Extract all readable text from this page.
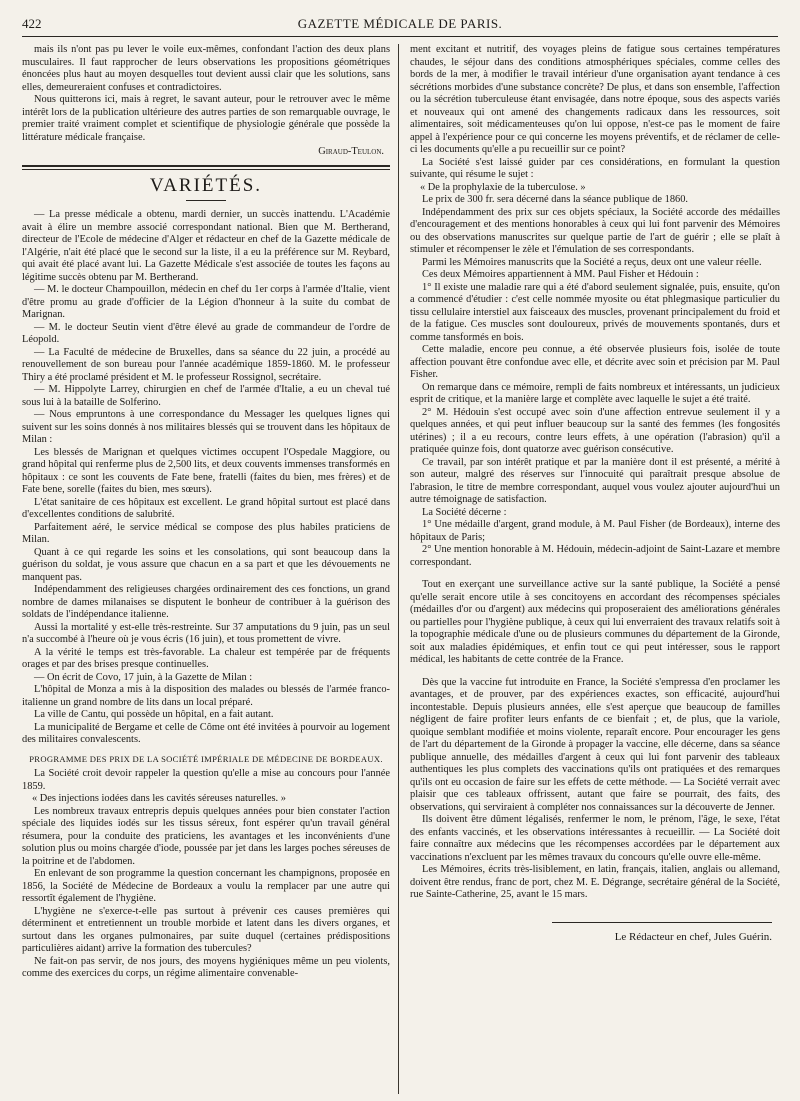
422	GAZETTE MÉDICALE DE PARIS.

mais ils n'ont pas pu lever le voile eux-mêmes, confondant l'action des deux plans musculaires. Il faut rapprocher de leurs observations les propositions géométriques énoncées plus haut au moyen desquelles tout devient aussi clair que les solutions, sans elles, demeureraient confuses et contradictoires.

Nous quitterons ici, mais à regret, le savant auteur, pour le retrouver avec le même intérêt lors de la publication ultérieure des autres parties de son remarquable ouvrage, le premier traité vraiment complet et scientifique de physiologie générale que possède la littérature médicale française.

Giraud-Teulon.
VARIÉTÉS.

— La presse médicale a obtenu, mardi dernier, un succès inattendu. L'Académie avait à élire un membre associé correspondant national. Bien que M. Bertherand, directeur de l'Ecole de médecine d'Alger et rédacteur en chef de la Gazette médicale de l'Algérie, n'ait été placé que le second sur la liste, il a eu la préférence sur M. Reybard, qui avait été placé avant lui. La Gazette Médicale s'est associée de toutes les façons au légitime succès obtenu par M. Bertherand.

— M. le docteur Champouillon, médecin en chef du 1er corps à l'armée d'Italie, vient d'être promu au grade d'officier de la Légion d'honneur à la suite du combat de Marignan.

— M. le docteur Seutin vient d'être élevé au grade de commandeur de l'ordre de Léopold.

— La Faculté de médecine de Bruxelles, dans sa séance du 22 juin, a procédé au renouvellement de son bureau pour l'année académique 1859-1860. M. le professeur Thiry a été proclamé président et M. le professeur Rossignol, secrétaire.

— M. Hippolyte Larrey, chirurgien en chef de l'armée d'Italie, a eu un cheval tué sous lui à la bataille de Solferino.

— Nous empruntons à une correspondance du Messager les quelques lignes qui suivent sur les soins donnés à nos militaires blessés qui se trouvent dans les hôpitaux de Milan :

Les blessés de Marignan et quelques victimes occupent l'Ospedale Maggiore, ou grand hôpital qui renferme plus de 2,500 lits, et deux couvents immenses transformés en hôpitaux : ce sont les couvents de Fate bene, fratelli (faites du bien, mes frères) et de Fate bene, sorelle (faites du bien, mes sœurs).

L'état sanitaire de ces hôpitaux est excellent. Le grand hôpital surtout est placé dans d'excellentes conditions de salubrité.

Parfaitement aéré, le service médical se compose des plus habiles praticiens de Milan.

Quant à ce qui regarde les soins et les consolations, qui sont beaucoup dans la guérison du soldat, je vous assure que chacun en a sa part et que les dévouements ne manquent pas.

Indépendamment des religieuses chargées ordinairement des ces fonctions, un grand nombre de dames milanaises se disputent le bonheur de contribuer à la guérison des soldats de l'indépendance italienne.

Aussi la mortalité y est-elle très-restreinte. Sur 37 amputations du 9 juin, pas un seul n'a succombé à l'heure où je vous écris (16 juin), et tous promettent de vivre.

A la vérité le temps est très-favorable. La chaleur est tempérée par de fréquents orages et par des brises presque continuelles.

— On écrit de Covo, 17 juin, à la Gazette de Milan :

L'hôpital de Monza a mis à la disposition des malades ou blessés de l'armée franco-italienne un grand nombre de lits dans un local préparé.

La ville de Cantu, qui possède un hôpital, en a fait autant.

La municipalité de Bergame et celle de Côme ont été invitées à pourvoir au logement des militaires convalescents.

PROGRAMME DES PRIX DE LA SOCIÉTÉ IMPÉRIALE DE MÉDECINE DE BORDEAUX.

La Société croit devoir rappeler la question qu'elle a mise au concours pour l'année 1859.

« Des injections iodées dans les cavités séreuses naturelles. »

Les nombreux travaux entrepris depuis quelques années pour bien constater l'action spéciale des liquides iodés sur les tissus séreux, font espérer qu'un travail général résumera, pour la conduite des praticiens, les avantages et les inconvénients d'une solution plus ou moins chargée d'iode, poussée par jet dans les larges poches séreuses de la poitrine et de l'abdomen.

En enlevant de son programme la question concernant les champignons, proposée en 1856, la Société de Médecine de Bordeaux a voulu la remplacer par une autre qui ressortît également de l'hygiène.

L'hygiène ne s'exerce-t-elle pas surtout à prévenir ces causes premières qui déterminent et entretiennent un trouble morbide et latent dans les divers organes, et surtout dans les organes pulmonaires, par suite duquel (certaines prédispositions particulières aidant) arrive la formation des tubercules?

Ne fait-on pas servir, de nos jours, des moyens hygiéniques même un peu violents, comme des exercices du corps, un régime alimentaire convenable-

ment excitant et nutritif, des voyages pleins de fatigue sous certaines températures chaudes, le séjour dans des conditions atmosphériques spéciales, comme celles des bords de la mer, à modifier le travail intérieur d'une organisation ayant tendance à ces sécrétions morbides d'une substance concrète? De plus, et dans son ensemble, l'affection ou la sécrétion tuberculeuse étant envisagée, dans notre époque, sous des aspects variés et nouveaux qui ont amené des changements radicaux dans les ressources, soit alimentaires, soit médicamenteuses qu'on lui oppose, n'est-ce pas le moment de faire appel à l'expérience pour ce qui concerne les moyens préventifs, et de réclamer de celle-ci les documents qu'elle a pu recueillir sur ce point?

La Société s'est laissé guider par ces considérations, en formulant la question suivante, qui résume le sujet :

« De la prophylaxie de la tuberculose. »

Le prix de 300 fr. sera décerné dans la séance publique de 1860.

Indépendamment des prix sur ces objets spéciaux, la Société accorde des médailles d'encouragement et des mentions honorables à ceux qui lui font parvenir des Mémoires ou des observations manuscrites sur quelque partie de l'art de guérir ; elle se plaît à stimuler et récompenser le zèle et l'émulation de ses correspondants.

Parmi les Mémoires manuscrits que la Société a reçus, deux ont une valeur réelle.

Ces deux Mémoires appartiennent à MM. Paul Fisher et Hédouin :

1° Il existe une maladie rare qui a été d'abord seulement signalée, puis, ensuite, qu'on a commencé d'étudier : c'est celle nommée myosite ou état phlegmasique particulier du tissu cellulaire interstiel aux faisceaux des muscles, provenant principalement du froid et de la fatigue. Ces muscles sont douloureux, privés de mouvements spontanés, durs et comme tansformés en bois.

Cette maladie, encore peu connue, a été observée plusieurs fois, isolée de toute affection pouvant être confondue avec elle, et décrite avec soin et précision par M. Paul Fisher.

On remarque dans ce mémoire, rempli de faits nombreux et intéressants, un judicieux esprit de critique, et la manière large et complète avec laquelle le sujet a été traité.

2° M. Hédouin s'est occupé avec soin d'une affection entrevue seulement il y a quelques années, et qui peut influer beaucoup sur la santé des femmes (les fongosités utérines) ; il a eu recours, contre leurs effets, à une opération (l'abrasion) qu'il a pratiquée quinze fois, dont quatorze avec guérison consécutive.

Ce travail, par son intérêt pratique et par la manière dont il est présenté, a mérité à son auteur, malgré des réserves sur l'innocuité qui paraîtrait presque absolue de l'abrasion, le titre de membre correspondant, auquel vous voulez ajouter aujourd'hui un autre témoignage de satisfaction.

La Société décerne :

1° Une médaille d'argent, grand module, à M. Paul Fisher (de Bordeaux), interne des hôpitaux de Paris;

2° Une mention honorable à M. Hédouin, médecin-adjoint de Saint-Lazare et membre correspondant.

Tout en exerçant une surveillance active sur la santé publique, la Société a pensé qu'elle serait encore utile à ses concitoyens en accordant des récompenses spéciales (médailles d'or ou d'argent) aux médecins qui proposeraient des améliorations générales ou partielles pour l'hygiène publique, à ceux qui lui enverraient des travaux relatifs soit à la topographie médicale d'une ou de plusieurs communes du département de la Gironde, soit aux maladies épidémiques, et enfin tout ce qui peut intéresser, sous le rapport médical, les habitants de cette contrée de la France.

Dès que la vaccine fut introduite en France, la Société s'empressa d'en proclamer les avantages, et de prouver, par des expériences exactes, son efficacité, aujourd'hui incontestable. Depuis plusieurs années, elle s'est aperçue que beaucoup de familles négligent de faire profiter leurs enfants de ce bienfait ; et, de plus, que la variole, quoique semblant modifiée et moins violente, reparaît encore. Pour encourager les gens de l'art du département de la Gironde à propager la vaccine, elle décerne, dans sa séance publique annuelle, des médailles d'argent à ceux qui lui font parvenir des tableaux authentiques les plus complets des vaccinations qu'ils ont pratiquées et des remarques qu'ils ont eu occasion de faire sur les effets de cette méthode. — La Société verrait avec plaisir que ces tableaux offrissent, autant que faire se pourrait, des faits, des observations, qui serviraient à compléter nos connaissances sur la découverte de Jenner.

Ils doivent être dûment légalisés, renfermer le nom, le prénom, l'âge, le sexe, l'état des enfants vaccinés, et les observations intéressantes à recueillir. — La Société doit faire connaître aux médecins que les récompenses accordées par le département aux vaccinations n'excluent par les mêmes travaux du concours qu'elle ouvre elle-même.

Les Mémoires, écrits très-lisiblement, en latin, français, italien, anglais ou allemand, doivent être rendus, franc de port, chez M. E. Dégrange, secrétaire général de la Société, rue Sainte-Catherine, 25, avant le 15 mars.

Le Rédacteur en chef, Jules Guérin.
